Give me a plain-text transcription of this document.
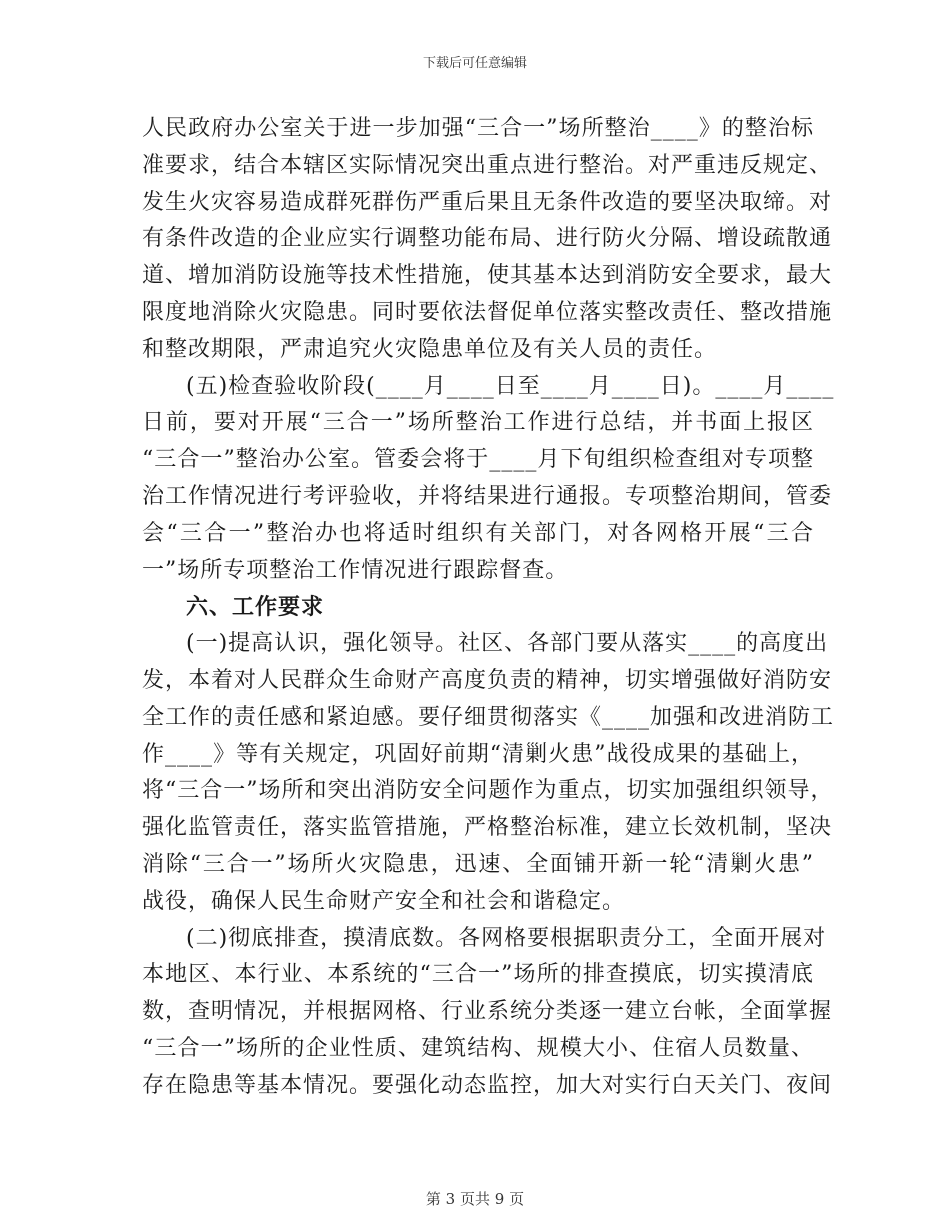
下载后可任意编辑
人民政府办公室关于进一步加强“三合一”场所整治____》的整治标
准要求，结合本辖区实际情况突出重点进行整治。对严重违反规定、
发生火灾容易造成群死群伤严重后果且无条件改造的要坚决取缔。对
有条件改造的企业应实行调整功能布局、进行防火分隔、增设疏散通
道、增加消防设施等技术性措施，使其基本达到消防安全要求，最大
限度地消除火灾隐患。同时要依法督促单位落实整改责任、整改措施
和整改期限，严肃追究火灾隐患单位及有关人员的责任。
(五)检查验收阶段(____月____日至____月____日)。____月____
日前，要对开展“三合一”场所整治工作进行总结，并书面上报区
“三合一”整治办公室。管委会将于____月下旬组织检查组对专项整
治工作情况进行考评验收，并将结果进行通报。专项整治期间，管委
会“三合一”整治办也将适时组织有关部门，对各网格开展“三合
一”场所专项整治工作情况进行跟踪督查。
六、工作要求
(一)提高认识，强化领导。社区、各部门要从落实____的高度出
发，本着对人民群众生命财产高度负责的精神，切实增强做好消防安
全工作的责任感和紧迫感。要仔细贯彻落实《____加强和改进消防工
作____》等有关规定，巩固好前期“清剿火患”战役成果的基础上，
将“三合一”场所和突出消防安全问题作为重点，切实加强组织领导，
强化监管责任，落实监管措施，严格整治标准，建立长效机制，坚决
消除“三合一”场所火灾隐患，迅速、全面铺开新一轮“清剿火患”
战役，确保人民生命财产安全和社会和谐稳定。
(二)彻底排查，摸清底数。各网格要根据职责分工，全面开展对
本地区、本行业、本系统的“三合一”场所的排查摸底，切实摸清底
数，查明情况，并根据网格、行业系统分类逐一建立台帐，全面掌握
“三合一”场所的企业性质、建筑结构、规模大小、住宿人员数量、
存在隐患等基本情况。要强化动态监控，加大对实行白天关门、夜间
第 3 页共 9 页
